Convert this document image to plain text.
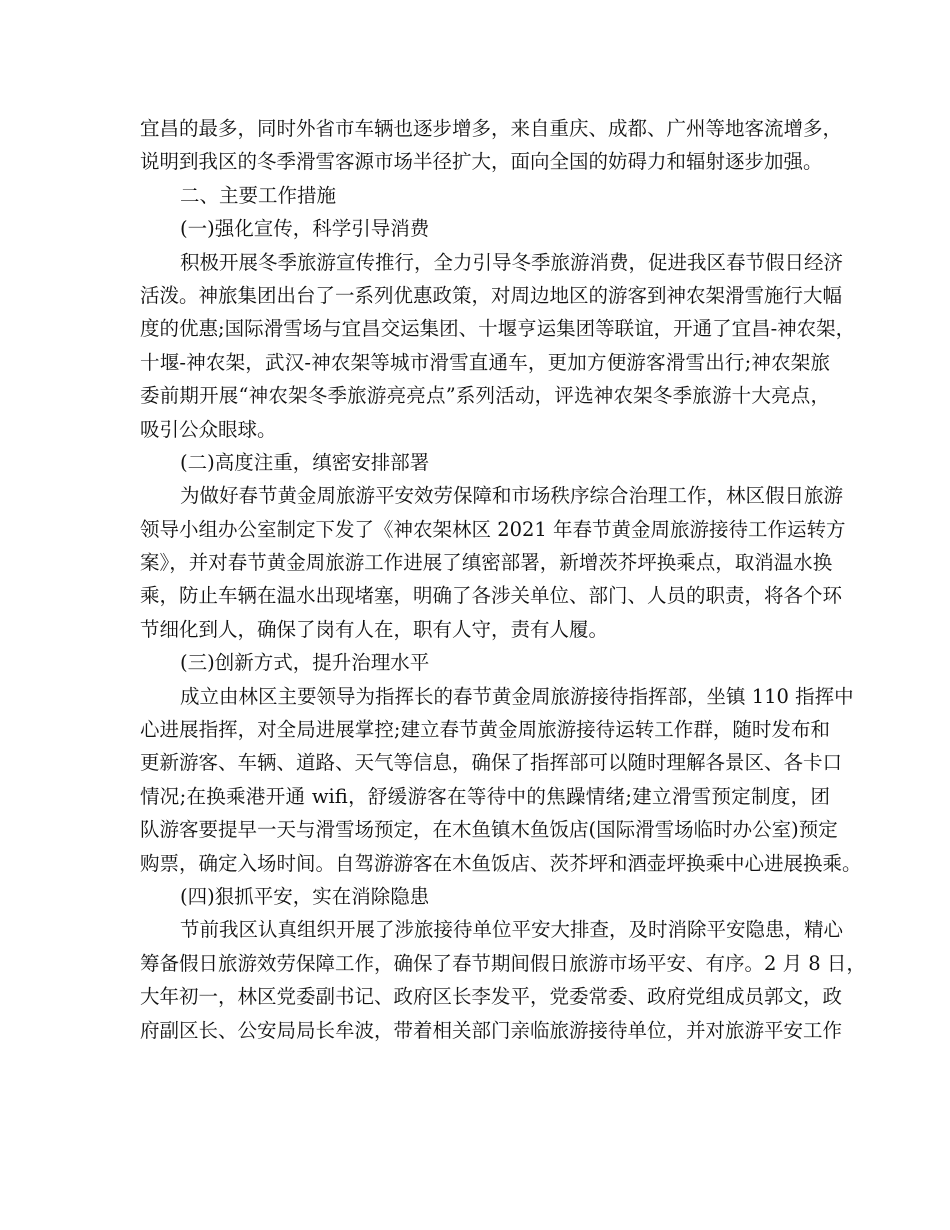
宜昌的最多，同时外省市车辆也逐步增多，来自重庆、成都、广州等地客流增多，
说明到我区的冬季滑雪客源市场半径扩大，面向全国的妨碍力和辐射逐步加强。
二、主要工作措施
(一)强化宣传，科学引导消费
积极开展冬季旅游宣传推行，全力引导冬季旅游消费，促进我区春节假日经济
活泼。神旅集团出台了一系列优惠政策，对周边地区的游客到神农架滑雪施行大幅
度的优惠;国际滑雪场与宜昌交运集团、十堰亨运集团等联谊，开通了宜昌-神农架，
十堰-神农架，武汉-神农架等城市滑雪直通车，更加方便游客滑雪出行;神农架旅
委前期开展“神农架冬季旅游亮亮点”系列活动，评选神农架冬季旅游十大亮点，
吸引公众眼球。
(二)高度注重，缜密安排部署
为做好春节黄金周旅游平安效劳保障和市场秩序综合治理工作，林区假日旅游
领导小组办公室制定下发了《神农架林区 2021 年春节黄金周旅游接待工作运转方
案》，并对春节黄金周旅游工作进展了缜密部署，新增茨芥坪换乘点，取消温水换
乘，防止车辆在温水出现堵塞，明确了各涉关单位、部门、人员的职责，将各个环
节细化到人，确保了岗有人在，职有人守，责有人履。
(三)创新方式，提升治理水平
成立由林区主要领导为指挥长的春节黄金周旅游接待指挥部，坐镇 110 指挥中
心进展指挥，对全局进展掌控;建立春节黄金周旅游接待运转工作群，随时发布和
更新游客、车辆、道路、天气等信息，确保了指挥部可以随时理解各景区、各卡口
情况;在换乘港开通 wifi，舒缓游客在等待中的焦躁情绪;建立滑雪预定制度，团
队游客要提早一天与滑雪场预定，在木鱼镇木鱼饭店(国际滑雪场临时办公室)预定
购票，确定入场时间。自驾游游客在木鱼饭店、茨芥坪和酒壶坪换乘中心进展换乘。
(四)狠抓平安，实在消除隐患
节前我区认真组织开展了涉旅接待单位平安大排查，及时消除平安隐患，精心
筹备假日旅游效劳保障工作，确保了春节期间假日旅游市场平安、有序。2 月 8 日，
大年初一，林区党委副书记、政府区长李发平，党委常委、政府党组成员郭文，政
府副区长、公安局局长牟波，带着相关部门亲临旅游接待单位，并对旅游平安工作
